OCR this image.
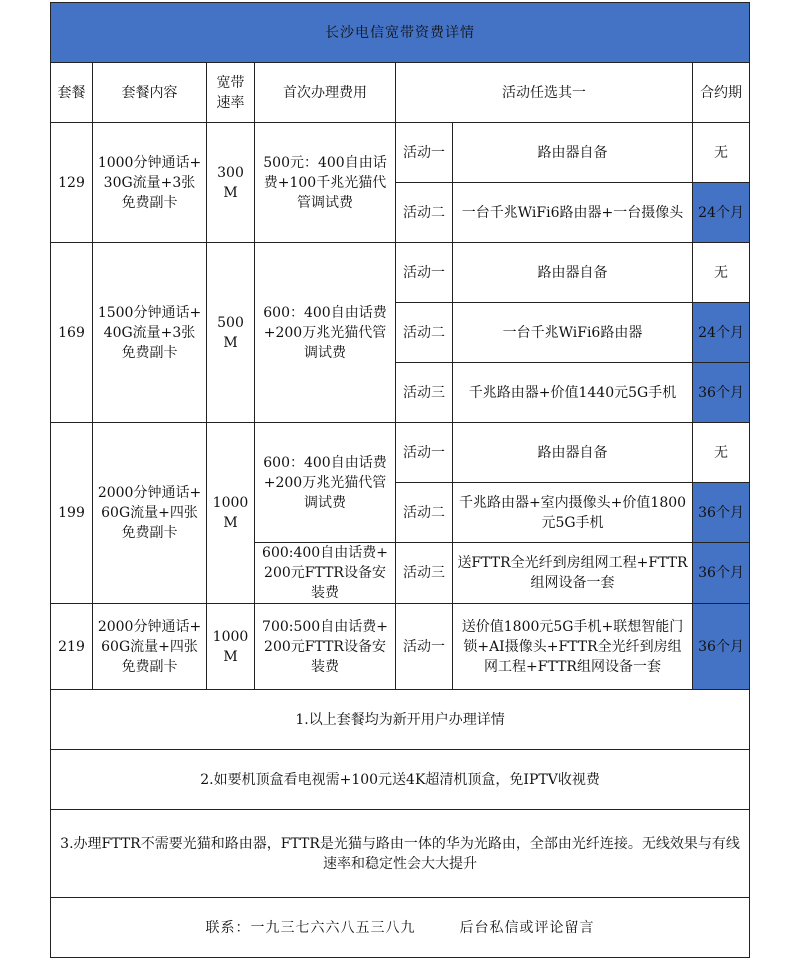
长沙电信宽带资费详情						
套餐	套餐内容	宽带速率	首次办理费用	活动任选其一		合约期
129	1000分钟通话+30G流量+3张免费副卡	300M	500元：400自由话费+100千兆光猫代管调试费	活动一	路由器自备	无
				活动二	一台千兆WiFi6路由器+一台摄像头	24个月
169	1500分钟通话+40G流量+3张免费副卡	500M	600：400自由话费+200万兆光猫代管调试费	活动一	路由器自备	无
				活动二	一台千兆WiFi6路由器	24个月
				活动三	千兆路由器+价值1440元5G手机	36个月
199	2000分钟通话+60G流量+四张免费副卡	1000M	600：400自由话费+200万兆光猫代管调试费	活动一	路由器自备	无
				活动二	千兆路由器+室内摄像头+价值1800元5G手机	36个月
			600:400自由话费+200元FTTR设备安装费	活动三	送FTTR全光纤到房组网工程+FTTR组网设备一套	36个月
219	2000分钟通话+60G流量+四张免费副卡	1000M	700:500自由话费+200元FTTR设备安装费	活动一	送价值1800元5G手机+联想智能门锁+AI摄像头+FTTR全光纤到房组网工程+FTTR组网设备一套	36个月
1.以上套餐均为新开用户办理详情						
2.如要机顶盒看电视需+100元送4K超清机顶盒，免IPTV收视费						
3.办理FTTR不需要光猫和路由器，FTTR是光猫与路由一体的华为光路由，全部由光纤连接。无线效果与有线速率和稳定性会大大提升						
联系：一九三七六六八五三八九 后台私信或评论留言						
